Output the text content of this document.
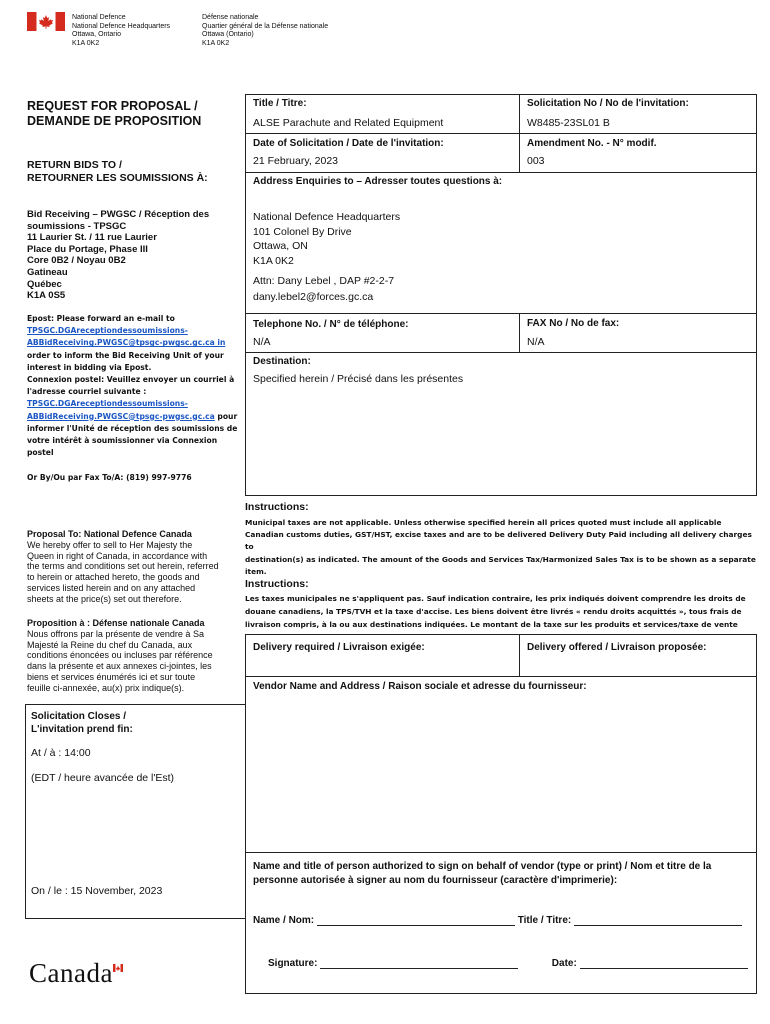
National Defence
National Defence Headquarters
Ottawa, Ontario
K1A 0K2
Défense nationale
Quartier général de la Défense nationale
Ottawa (Ontario)
K1A 0K2
REQUEST FOR PROPOSAL /
DEMANDE DE PROPOSITION
RETURN BIDS TO /
RETOURNER LES SOUMISSIONS À:
Bid Receiving – PWGSC / Réception des
soumissions - TPSGC
11 Laurier St. / 11 rue Laurier
Place du Portage, Phase III
Core 0B2 / Noyau 0B2
Gatineau
Québec
K1A 0S5
Epost: Please forward an e-mail to
TPSGC.DGAreceptiondessoumissions-
ABBidReceiving.PWGSC@tpsgc-pwgsc.gc.ca in
order to inform the Bid Receiving Unit of your
interest in bidding via Epost.
Connexion postel: Veuillez envoyer un courriel à
l'adresse courriel suivante :
TPSGC.DGAreceptiondessoumissions-
ABBidReceiving.PWGSC@tpsgc-pwgsc.gc.ca pour
informer l'Unité de réception des soumissions de
votre intérêt à soumissionner via Connexion
postel
Or By/Ou par Fax To/A: (819) 997-9776
Proposal To: National Defence Canada
We hereby offer to sell to Her Majesty the
Queen in right of Canada, in accordance with
the terms and conditions set out herein, referred
to herein or attached hereto, the goods and
services listed herein and on any attached
sheets at the price(s) set out therefore.
Proposition à : Défense nationale Canada
Nous offrons par la présente de vendre à Sa
Majesté la Reine du chef du Canada, aux
conditions énoncées ou incluses par référence
dans la présente et aux annexes ci-jointes, les
biens et services énumérés ici et sur toute
feuille ci-annexée, au(x) prix indique(s).
Solicitation Closes /
L'invitation prend fin:
At / à : 14:00
(EDT / heure avancée de l'Est)
On / le : 15 November, 2023
Canada
Title / Titre:
ALSE Parachute and Related Equipment
Solicitation No / No de l'invitation:
W8485-23SL01 B
Date of Solicitation / Date de l'invitation:
21 February, 2023
Amendment No. - N° modif.
003
Address Enquiries to – Adresser toutes questions à:
National Defence Headquarters
101 Colonel By Drive
Ottawa, ON
K1A 0K2
Attn: Dany Lebel , DAP #2-2-7
dany.lebel2@forces.gc.ca
Telephone No. / N° de téléphone:
N/A
FAX No / No de fax:
N/A
Destination:
Specified herein / Précisé dans les présentes
Instructions:
Municipal taxes are not applicable. Unless otherwise specified herein all prices quoted must include all applicable
Canadian customs duties, GST/HST, excise taxes and are to be delivered Delivery Duty Paid including all delivery charges to
destination(s) as indicated. The amount of the Goods and Services Tax/Harmonized Sales Tax is to be shown as a separate
item.
Instructions:
Les taxes municipales ne s'appliquent pas. Sauf indication contraire, les prix indiqués doivent comprendre les droits de
douane canadiens, la TPS/TVH et la taxe d'accise. Les biens doivent être livrés « rendu droits acquittés », tous frais de
livraison compris, à la ou aux destinations indiquées. Le montant de la taxe sur les produits et services/taxe de vente
Delivery required / Livraison exigée:	Delivery offered / Livraison proposée:
Vendor Name and Address / Raison sociale et adresse du fournisseur:
Name and title of person authorized to sign on behalf of vendor (type or print) / Nom et titre de la
personne autorisée à signer au nom du fournisseur (caractère d'imprimerie):
Name / Nom:	Title / Titre:
Signature:	Date:
